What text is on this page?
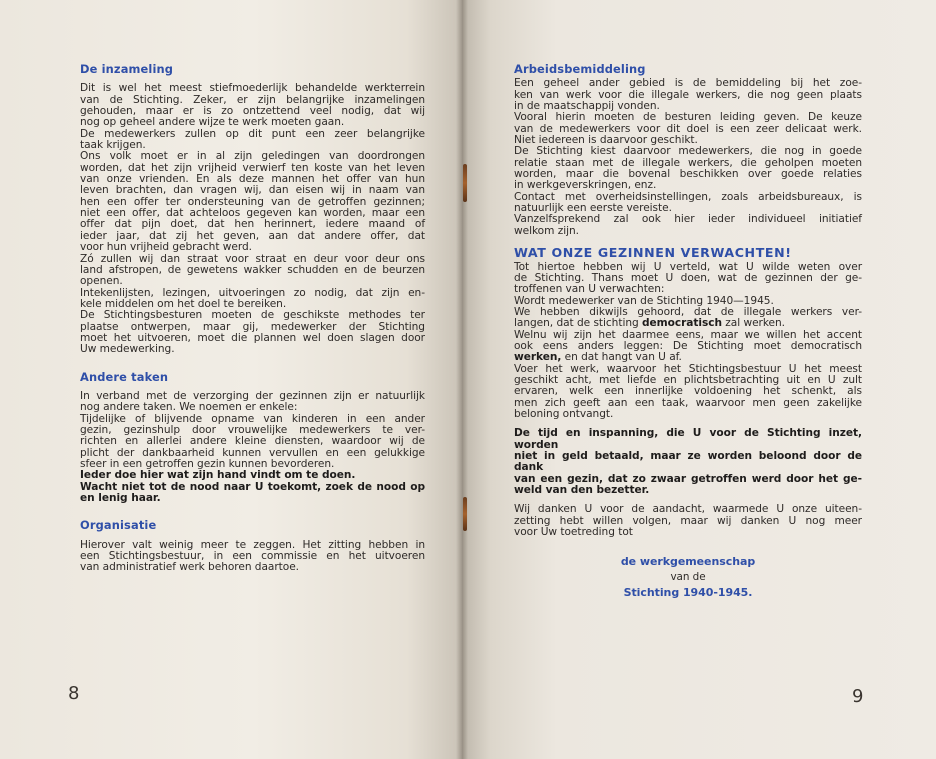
De inzameling
Dit is wel het meest stiefmoederlijk behandelde werkterrein
van de Stichting. Zeker, er zijn belangrijke inzamelingen
gehouden, maar er is zo ontzettend veel nodig, dat wij
nog op geheel andere wijze te werk moeten gaan.
De medewerkers zullen op dit punt een zeer belangrijke
taak krijgen.
Ons volk moet er in al zijn geledingen van doordrongen
worden, dat het zijn vrijheid verwierf ten koste van het leven
van onze vrienden. En als deze mannen het offer van hun
leven brachten, dan vragen wij, dan eisen wij in naam van
hen een offer ter ondersteuning van de getroffen gezinnen;
niet een offer, dat achteloos gegeven kan worden, maar een
offer dat pijn doet, dat hen herinnert, iedere maand of
ieder jaar, dat zij het geven, aan dat andere offer, dat
voor hun vrijheid gebracht werd.
Zó zullen wij dan straat voor straat en deur voor deur ons
land afstropen, de gewetens wakker schudden en de beurzen
openen.
Intekenlijsten, lezingen, uitvoeringen zo nodig, dat zijn en-
kele middelen om het doel te bereiken.
De Stichtingsbesturen moeten de geschikste methodes ter
plaatse ontwerpen, maar gij, medewerker der Stichting
moet het uitvoeren, moet die plannen wel doen slagen door
Uw medewerking.
Andere taken
In verband met de verzorging der gezinnen zijn er natuurlijk
nog andere taken. We noemen er enkele:
Tijdelijke of blijvende opname van kinderen in een ander
gezin, gezinshulp door vrouwelijke medewerkers te ver-
richten en allerlei andere kleine diensten, waardoor wij de
plicht der dankbaarheid kunnen vervullen en een gelukkige
sfeer in een getroffen gezin kunnen bevorderen.
Ieder doe hier wat zijn hand vindt om te doen.
Wacht niet tot de nood naar U toekomt, zoek de nood op
en lenig haar.
Organisatie
Hierover valt weinig meer te zeggen. Het zitting hebben in
een Stichtingsbestuur, in een commissie en het uitvoeren
van administratief werk behoren daartoe.
8	9
Arbeidsbemiddeling
Een geheel ander gebied is de bemiddeling bij het zoe-
ken van werk voor die illegale werkers, die nog geen plaats
in de maatschappij vonden.
Vooral hierin moeten de besturen leiding geven. De keuze
van de medewerkers voor dit doel is een zeer delicaat werk.
Niet iedereen is daarvoor geschikt.
De Stichting kiest daarvoor medewerkers, die nog in goede
relatie staan met de illegale werkers, die geholpen moeten
worden, maar die bovenal beschikken over goede relaties
in werkgeverskringen, enz.
Contact met overheidsinstellingen, zoals arbeidsbureaux, is
natuurlijk een eerste vereiste.
Vanzelfsprekend zal ook hier ieder individueel initiatief
welkom zijn.
WAT ONZE GEZINNEN VERWACHTEN!
Tot hiertoe hebben wij U verteld, wat U wilde weten over
de Stichting. Thans moet U doen, wat de gezinnen der ge-
troffenen van U verwachten:
Wordt medewerker van de Stichting 1940—1945.
We hebben dikwijls gehoord, dat de illegale werkers ver-
langen, dat de stichting democratisch zal werken.
Welnu wij zijn het daarmee eens, maar we willen het accent
ook eens anders leggen: De Stichting moet democratisch
werken, en dat hangt van U af.
Voer het werk, waarvoor het Stichtingsbestuur U het meest
geschikt acht, met liefde en plichtsbetrachting uit en U zult
ervaren, welk een innerlijke voldoening het schenkt, als
men zich geeft aan een taak, waarvoor men geen zakelijke
beloning ontvangt.
De tijd en inspanning, die U voor de Stichting inzet, worden
niet in geld betaald, maar ze worden beloond door de dank
van een gezin, dat zo zwaar getroffen werd door het ge-
weld van den bezetter.
Wij danken U voor de aandacht, waarmede U onze uiteen-
zetting hebt willen volgen, maar wij danken U nog meer
voor Uw toetreding tot
de werkgemeenschap
van de
Stichting 1940-1945.
